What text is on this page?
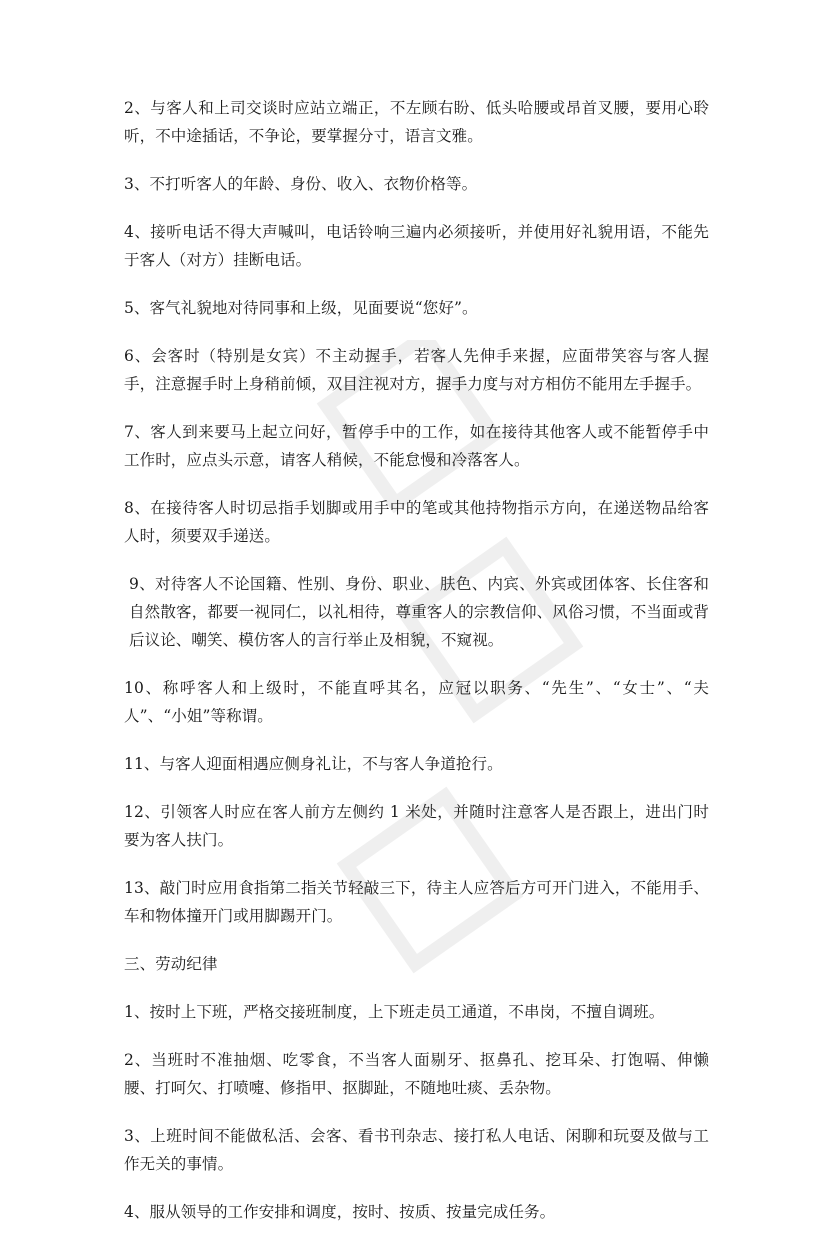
2、与客人和上司交谈时应站立端正，不左顾右盼、低头哈腰或昂首叉腰，要用心聆听，不中途插话，不争论，要掌握分寸，语言文雅。

3、不打听客人的年龄、身份、收入、衣物价格等。

4、接听电话不得大声喊叫，电话铃响三遍内必须接听，并使用好礼貌用语，不能先于客人（对方）挂断电话。

5、客气礼貌地对待同事和上级，见面要说“您好”。

6、会客时（特别是女宾）不主动握手，若客人先伸手来握，应面带笑容与客人握手，注意握手时上身稍前倾，双目注视对方，握手力度与对方相仿不能用左手握手。

7、客人到来要马上起立问好，暂停手中的工作，如在接待其他客人或不能暂停手中工作时，应点头示意，请客人稍候，不能怠慢和冷落客人。

8、在接待客人时切忌指手划脚或用手中的笔或其他持物指示方向，在递送物品给客人时，须要双手递送。

9、对待客人不论国籍、性别、身份、职业、肤色、内宾、外宾或团体客、长住客和自然散客，都要一视同仁，以礼相待，尊重客人的宗教信仰、风俗习惯，不当面或背后议论、嘲笑、模仿客人的言行举止及相貌，不窥视。

10、称呼客人和上级时，不能直呼其名，应冠以职务、“先生”、“女士”、“夫人”、“小姐”等称谓。

11、与客人迎面相遇应侧身礼让，不与客人争道抢行。

12、引领客人时应在客人前方左侧约 1 米处，并随时注意客人是否跟上，进出门时要为客人扶门。

13、敲门时应用食指第二指关节轻敲三下，待主人应答后方可开门进入，不能用手、车和物体撞开门或用脚踢开门。

三、劳动纪律

1、按时上下班，严格交接班制度，上下班走员工通道，不串岗，不擅自调班。

2、当班时不准抽烟、吃零食，不当客人面剔牙、抠鼻孔、挖耳朵、打饱嗝、伸懒腰、打呵欠、打喷嚏、修指甲、抠脚趾，不随地吐痰、丢杂物。

3、上班时间不能做私活、会客、看书刊杂志、接打私人电话、闲聊和玩耍及做与工作无关的事情。

4、服从领导的工作安排和调度，按时、按质、按量完成任务。
